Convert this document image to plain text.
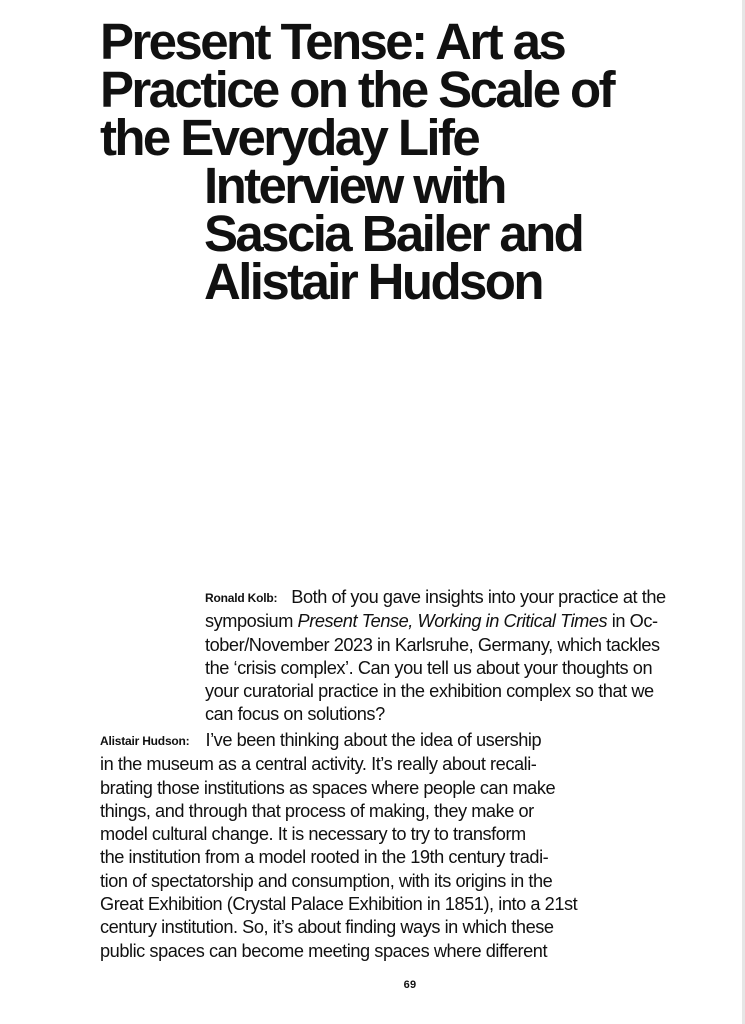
Present Tense: Art as
Practice on the Scale of
the Everyday Life
Interview with
Sascia Bailer and
Alistair Hudson
Ronald Kolb: Both of you gave insights into your practice at the
symposium Present Tense, Working in Critical Times in Oc-
tober/November 2023 in Karlsruhe, Germany, which tackles
the ‘crisis complex’. Can you tell us about your thoughts on
your curatorial practice in the exhibition complex so that we
can focus on solutions?
Alistair Hudson: I’ve been thinking about the idea of usership
in the museum as a central activity. It’s really about recali-
brating those institutions as spaces where people can make
things, and through that process of making, they make or
model cultural change. It is necessary to try to transform
the institution from a model rooted in the 19th century tradi-
tion of spectatorship and consumption, with its origins in the
Great Exhibition (Crystal Palace Exhibition in 1851), into a 21st
century institution. So, it’s about finding ways in which these
public spaces can become meeting spaces where different
69
